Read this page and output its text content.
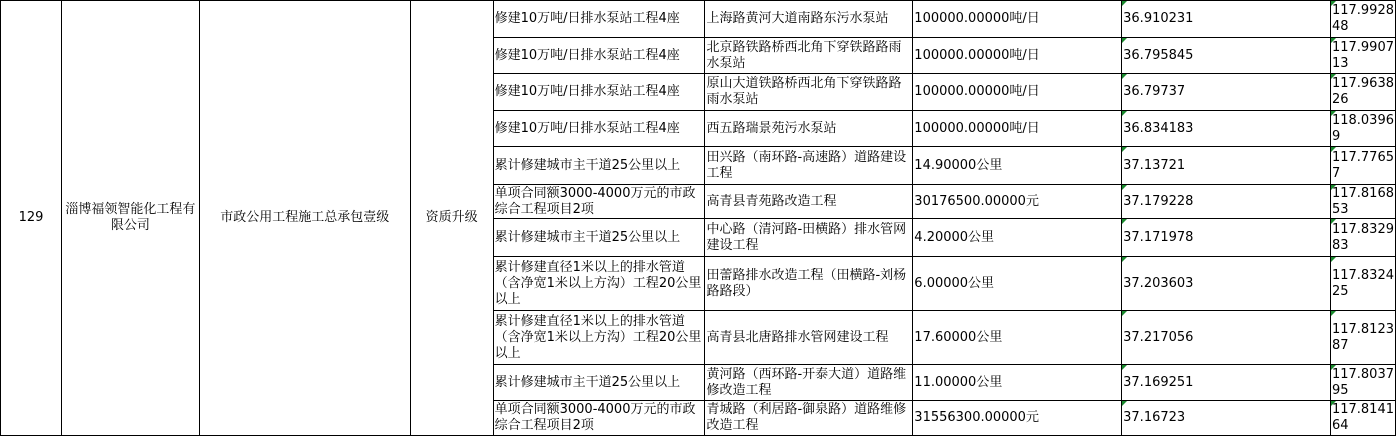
129	淄博福领智能化工程有限公司	市政公用工程施工总承包壹级	资质升级	修建10万吨/日排水泵站工程4座	上海路黄河大道南路东污水泵站	100000.00000吨/日	36.910231	117.992848

				修建10万吨/日排水泵站工程4座	北京路铁路桥西北角下穿铁路路雨水泵站	100000.00000吨/日	36.795845	117.990713

				修建10万吨/日排水泵站工程4座	原山大道铁路桥西北角下穿铁路路雨水泵站	100000.00000吨/日	36.79737	117.963826

				修建10万吨/日排水泵站工程4座	西五路瑞景苑污水泵站	100000.00000吨/日	36.834183	118.03969

				累计修建城市主干道25公里以上	田兴路（南环路-高速路）道路建设工程	14.90000公里	37.13721	117.77657

				单项合同额3000-4000万元的市政综合工程项目2项	高青县青苑路改造工程	30176500.00000元	37.179228	117.816853

				累计修建城市主干道25公里以上	中心路（清河路-田横路）排水管网建设工程	4.20000公里	37.171978	117.832983

				累计修建直径1米以上的排水管道（含净宽1米以上方沟）工程20公里以上	田蕾路排水改造工程（田横路-刘杨路路段）	6.00000公里	37.203603	117.832425

				累计修建直径1米以上的排水管道（含净宽1米以上方沟）工程20公里以上	高青县北唐路排水管网建设工程	17.60000公里	37.217056	117.812387

				累计修建城市主干道25公里以上	黄河路（西环路-开泰大道）道路维修改造工程	11.00000公里	37.169251	117.803795

				单项合同额3000-4000万元的市政综合工程项目2项	青城路（利居路-御泉路）道路维修改造工程	31556300.00000元	37.16723	117.814164
